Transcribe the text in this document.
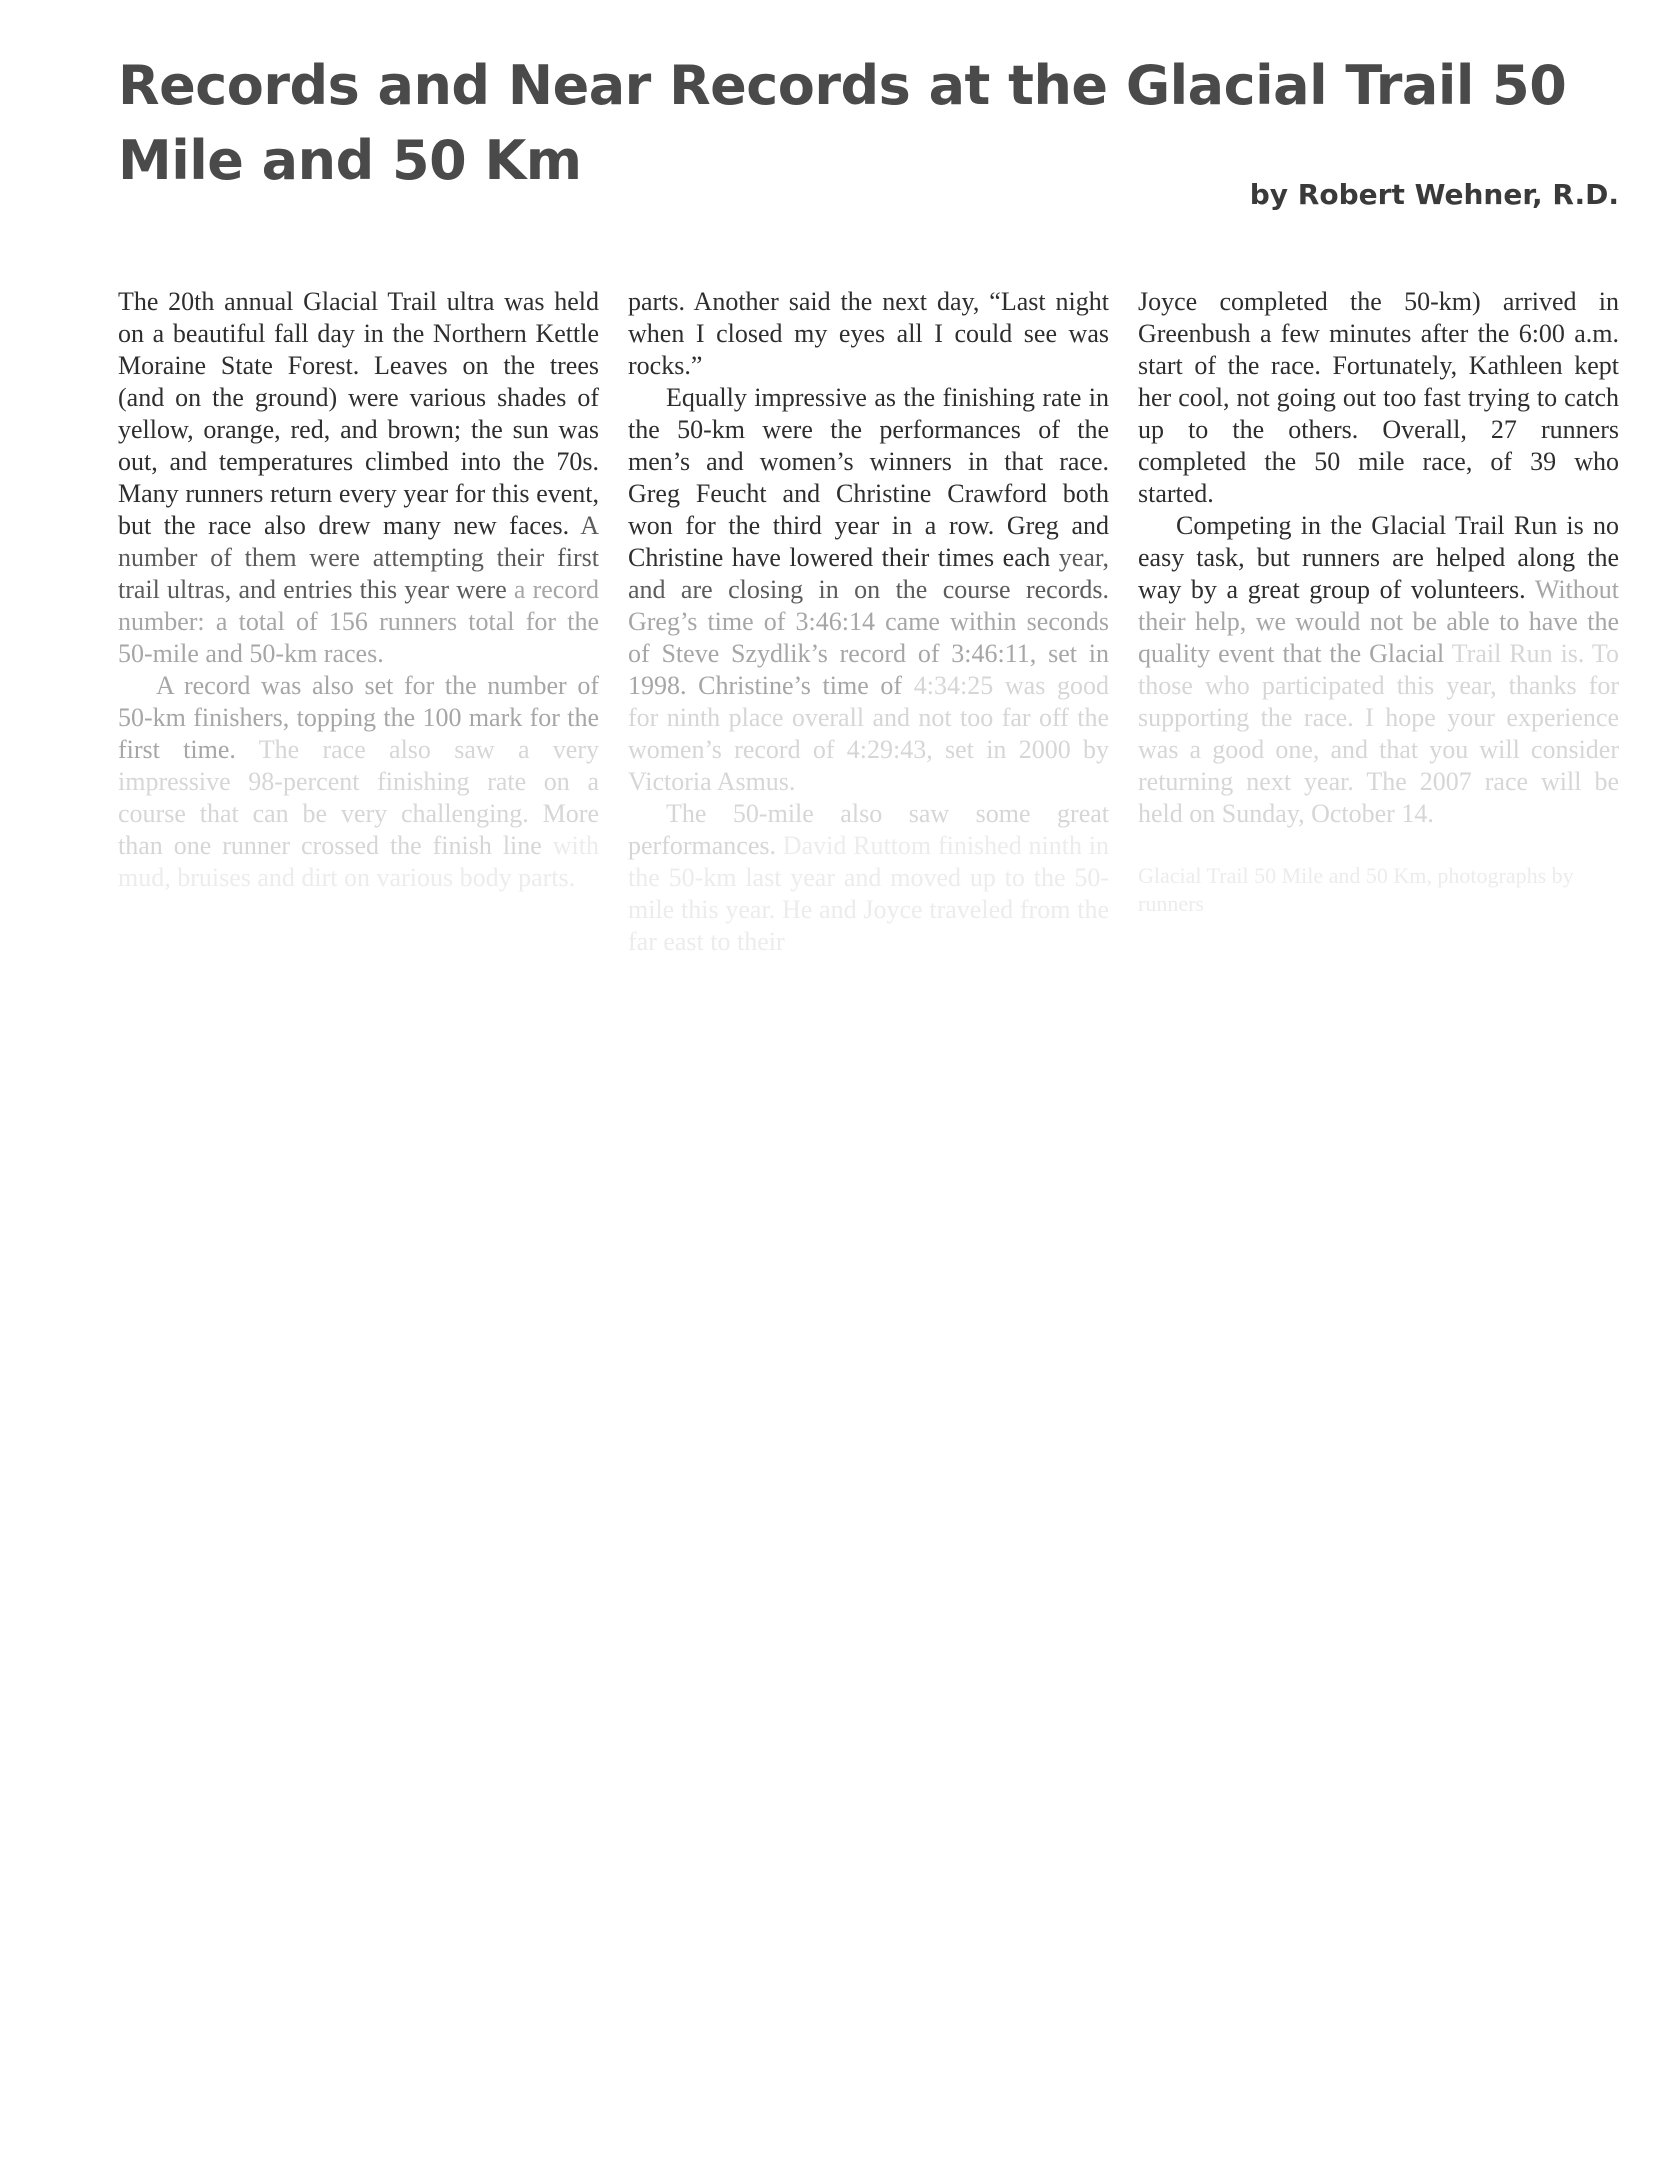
Records and Near Records at the Glacial Trail 50 Mile and 50 Km
by Robert Wehner, R.D.

The 20th annual Glacial Trail ultra was held on a beautiful fall day in the Northern Kettle Moraine State Forest. Leaves on the trees (and on the ground) were various shades of yellow, orange, red, and brown; the sun was out, and temperatures climbed into the 70s. Many runners return every year for this event, but the race also drew many new faces. A number of them were attempting their first trail ultras, and entries this year were a record number: a total of 156 runners total for the 50-mile and 50-km races.

A record was also set for the number of 50-km finishers, topping the 100 mark for the first time. The race also saw a very impressive 98-percent finishing rate on a course that can be very challenging. More than one runner crossed the finish line with mud, bruises and dirt on various body parts.

parts. Another said the next day, “Last night when I closed my eyes all I could see was rocks.”

Equally impressive as the finishing rate in the 50-km were the performances of the men’s and women’s winners in that race. Greg Feucht and Christine Crawford both won for the third year in a row. Greg and Christine have lowered their times each year, and are closing in on the course records. Greg’s time of 3:46:14 came within seconds of Steve Szydlik’s record of 3:46:11, set in 1998. Christine’s time of 4:34:25 was good for ninth place overall and not too far off the women’s record of 4:29:43, set in 2000 by Victoria Asmus.

The 50-mile also saw some great performances. David Ruttom finished ninth in the 50-km last year and moved up to the 50-mile this year. He and Joyce traveled from the far east to their

Joyce completed the 50-km) arrived in Greenbush a few minutes after the 6:00 a.m. start of the race. Fortunately, Kathleen kept her cool, not going out too fast trying to catch up to the others. Overall, 27 runners completed the 50 mile race, of 39 who started.

Competing in the Glacial Trail Run is no easy task, but runners are helped along the way by a great group of volunteers. Without their help, we would not be able to have the quality event that the Glacial Trail Run is. To those who participated this year, thanks for supporting the race. I hope your experience was a good one, and that you will consider returning next year. The 2007 race will be held on Sunday, October 14.

Glacial Trail 50 Mile and 50 Km, photographs by runners
